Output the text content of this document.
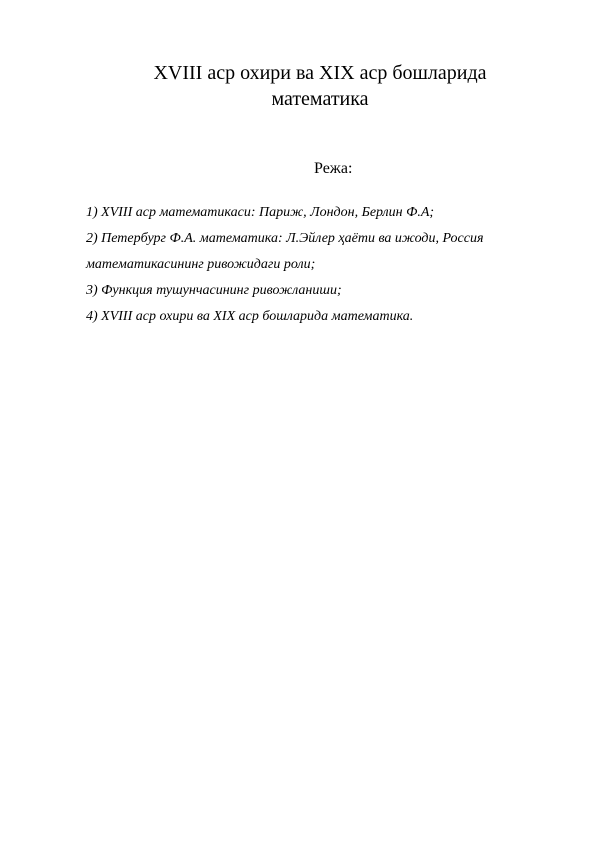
XVIII аср охири ва XIX аср бошларида
математика

Режа:

1) XVIII аср математикаси: Париж, Лондон, Берлин Ф.А;
2) Петербург Ф.А. математика: Л.Эйлер ҳаёти ва ижоди, Россия
математикасининг ривожидаги роли;
3) Функция тушунчасининг ривожланиши;
4) XVIII аср охири ва XIX аср бошларида математика.
